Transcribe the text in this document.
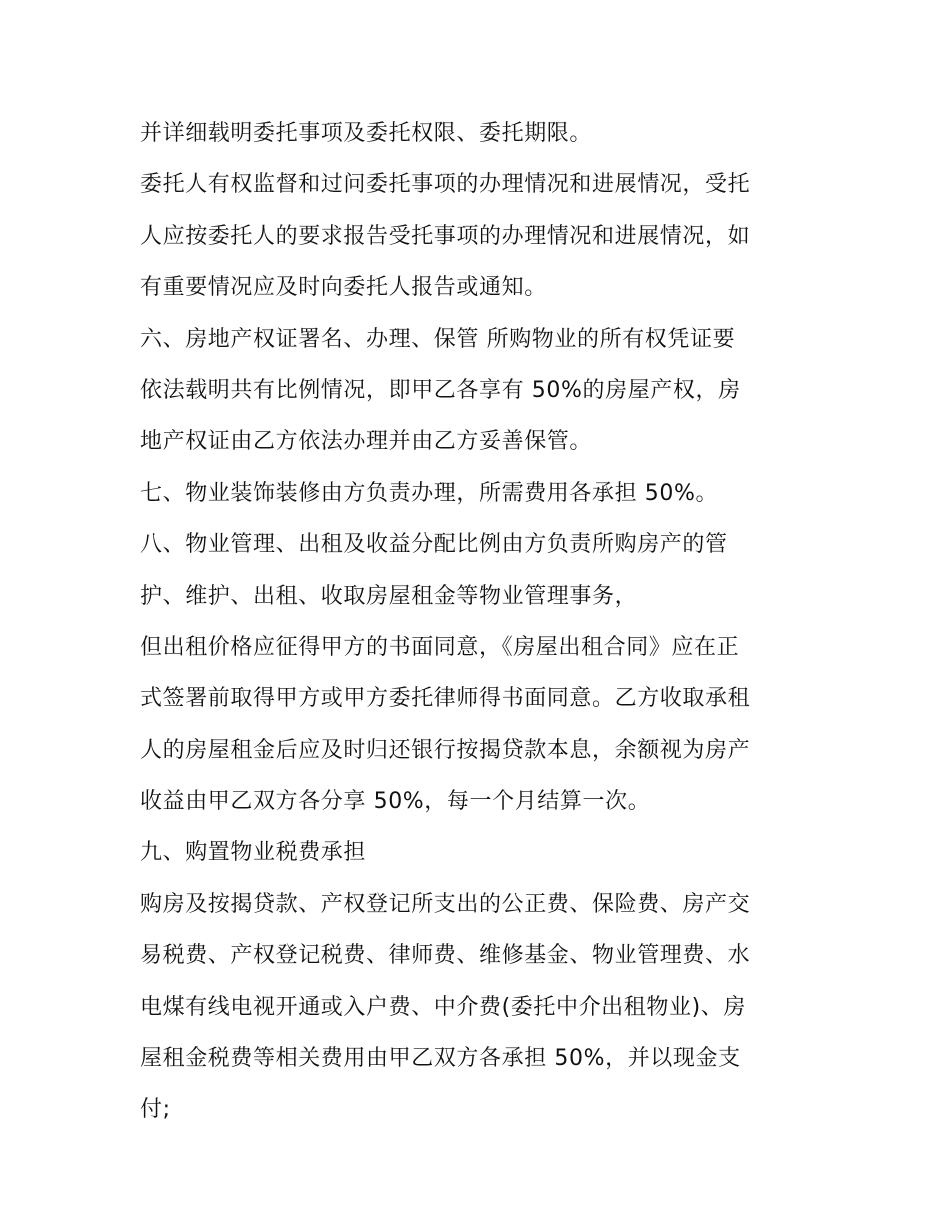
并详细载明委托事项及委托权限、委托期限。
委托人有权监督和过问委托事项的办理情况和进展情况，受托
人应按委托人的要求报告受托事项的办理情况和进展情况，如
有重要情况应及时向委托人报告或通知。
六、房地产权证署名、办理、保管 所购物业的所有权凭证要
依法载明共有比例情况，即甲乙各享有 50%的房屋产权，房
地产权证由乙方依法办理并由乙方妥善保管。
七、物业装饰装修由方负责办理，所需费用各承担 50%。
八、物业管理、出租及收益分配比例由方负责所购房产的管
护、维护、出租、收取房屋租金等物业管理事务，
但出租价格应征得甲方的书面同意，《房屋出租合同》应在正
式签署前取得甲方或甲方委托律师得书面同意。乙方收取承租
人的房屋租金后应及时归还银行按揭贷款本息，余额视为房产
收益由甲乙双方各分享 50%，每一个月结算一次。
九、购置物业税费承担
购房及按揭贷款、产权登记所支出的公正费、保险费、房产交
易税费、产权登记税费、律师费、维修基金、物业管理费、水
电煤有线电视开通或入户费、中介费(委托中介出租物业)、房
屋租金税费等相关费用由甲乙双方各承担 50%，并以现金支
付;
